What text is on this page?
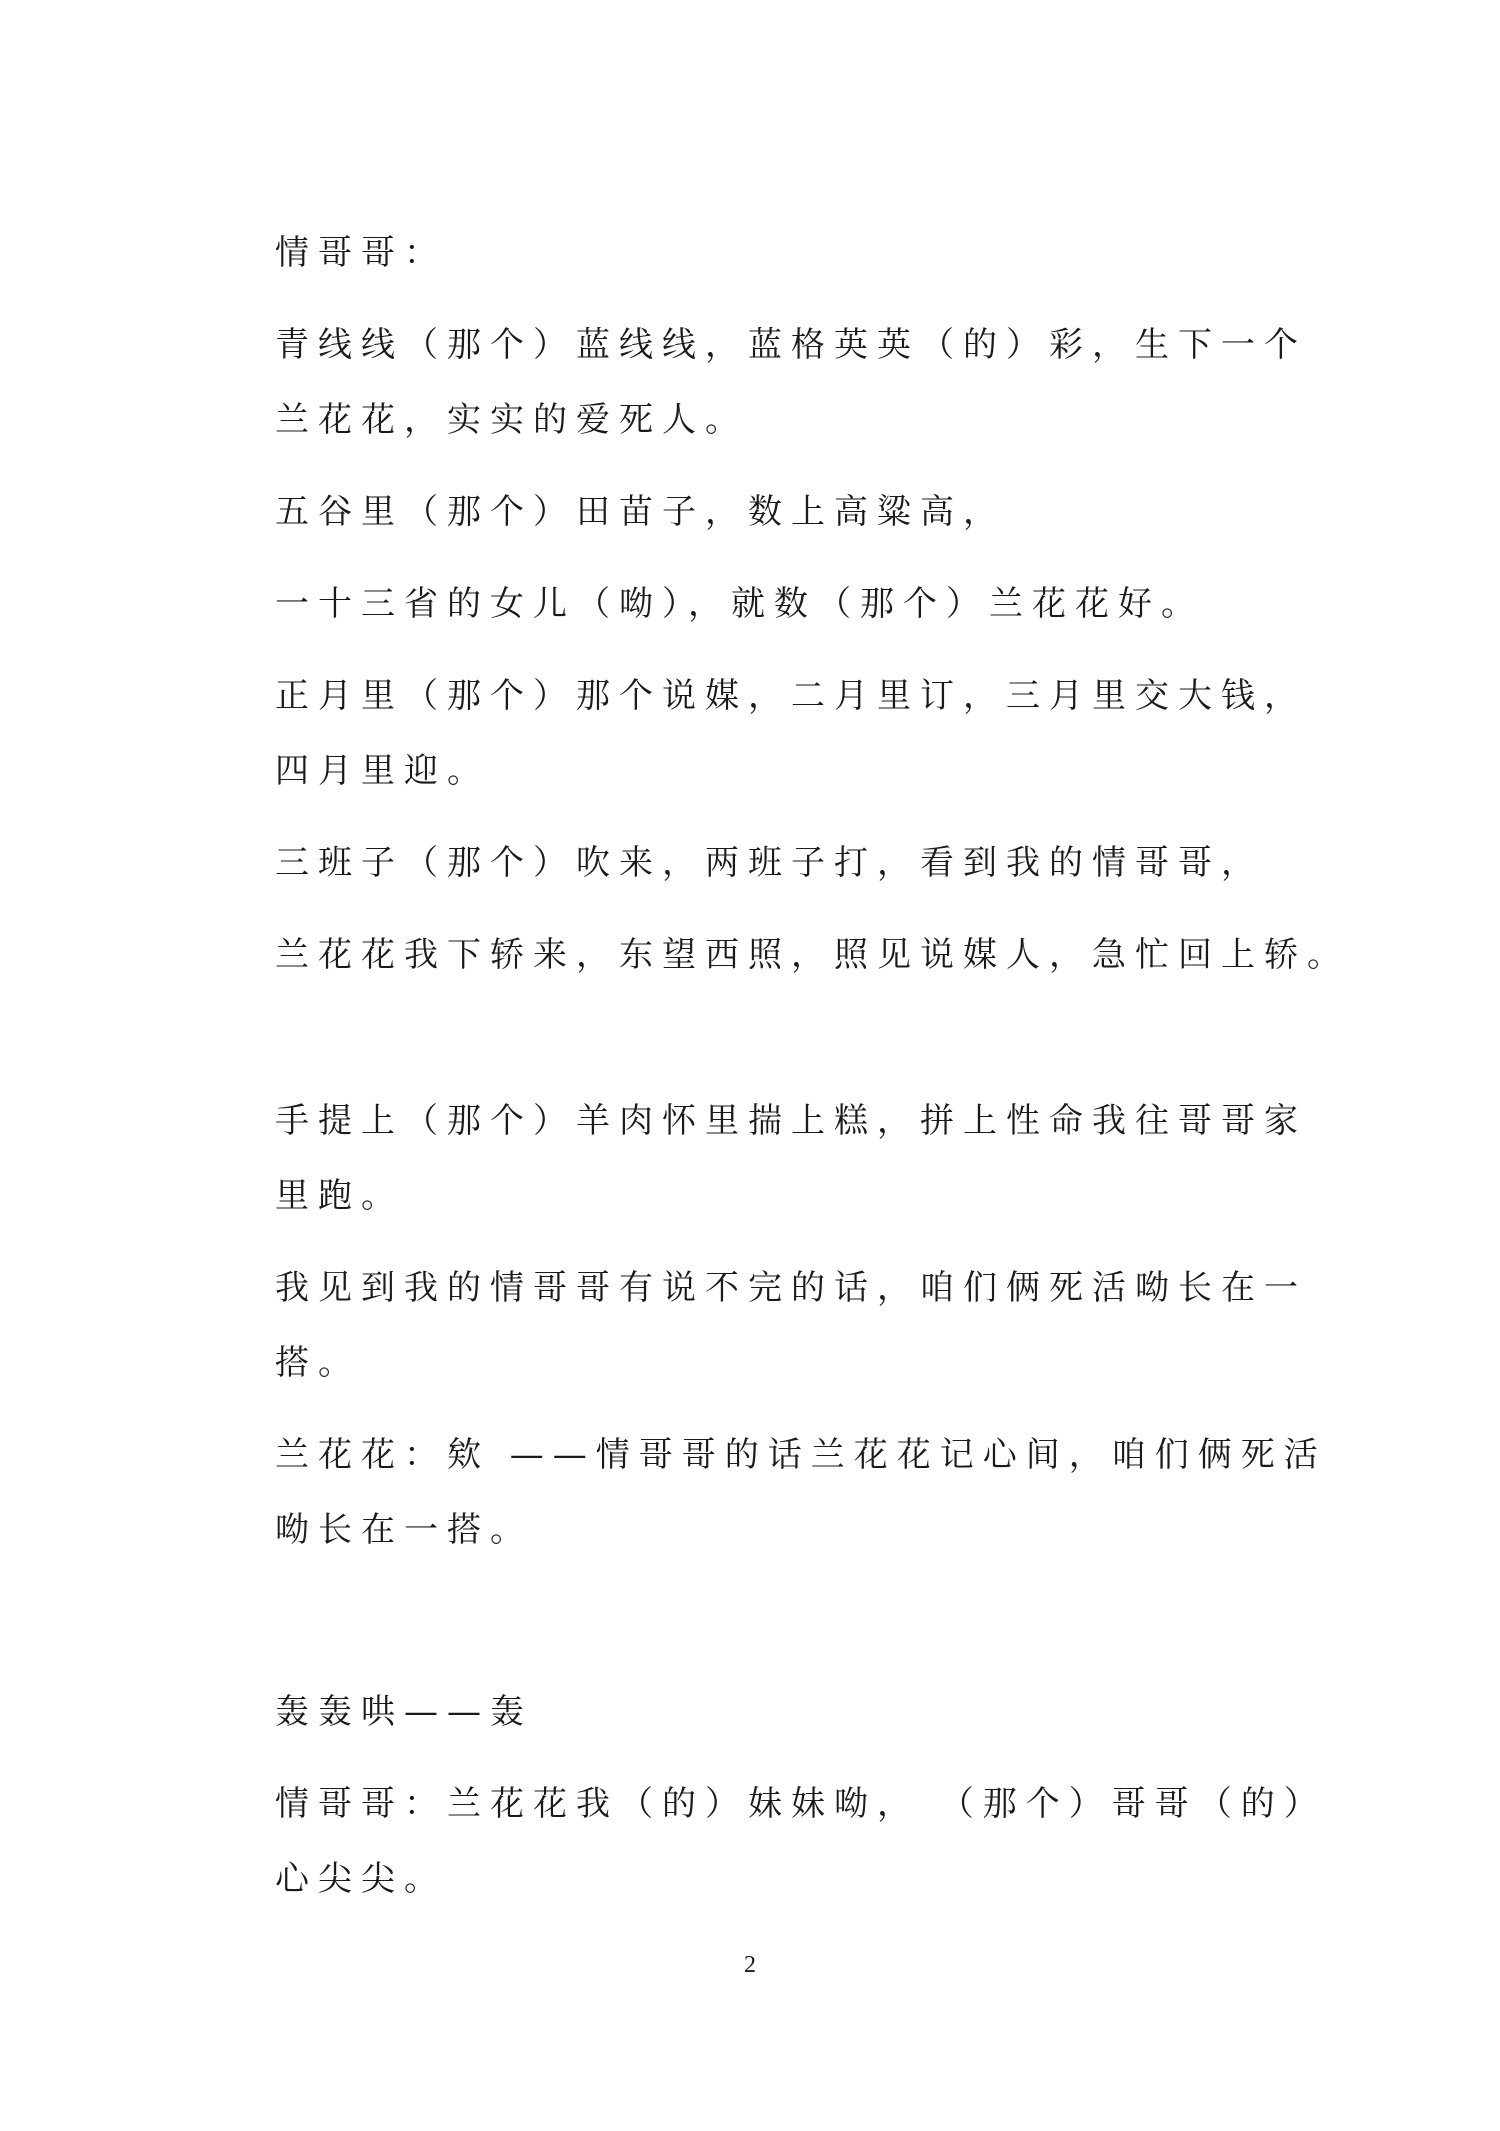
情哥哥：
青线线（那个）蓝线线，蓝格英英（的）彩，生下一个
兰花花，实实的爱死人。
五谷里（那个）田苗子，数上高粱高，
一十三省的女儿（呦），就数（那个）兰花花好。
正月里（那个）那个说媒，二月里订，三月里交大钱，
四月里迎。
三班子（那个）吹来，两班子打，看到我的情哥哥，
兰花花我下轿来，东望西照，照见说媒人，急忙回上轿。
手提上（那个）羊肉怀里揣上糕，拼上性命我往哥哥家
里跑。
我见到我的情哥哥有说不完的话，咱们俩死活呦长在一
搭。
兰花花：欸 ——情哥哥的话兰花花记心间，咱们俩死活
呦长在一搭。
轰轰哄——轰
情哥哥：兰花花我（的）妹妹呦， （那个）哥哥（的）
心尖尖。
2
